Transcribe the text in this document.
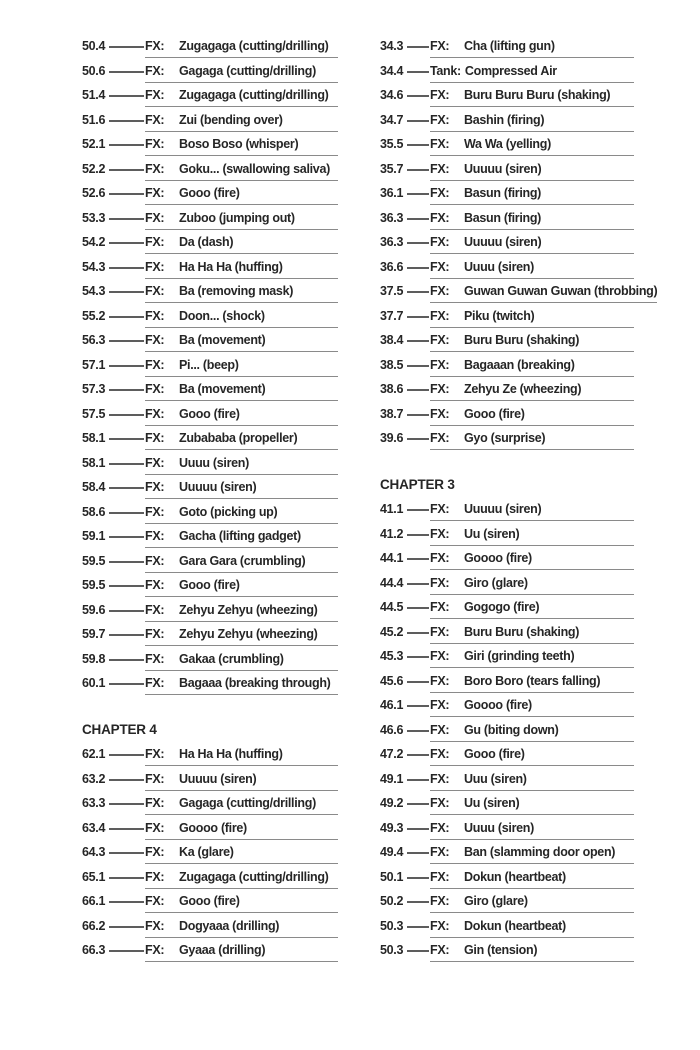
50.4	FX:	Zugagaga (cutting/drilling)
50.6	FX:	Gagaga (cutting/drilling)
51.4	FX:	Zugagaga (cutting/drilling)
51.6	FX:	Zui (bending over)
52.1	FX:	Boso Boso (whisper)
52.2	FX:	Goku... (swallowing saliva)
52.6	FX:	Gooo (fire)
53.3	FX:	Zuboo (jumping out)
54.2	FX:	Da (dash)
54.3	FX:	Ha Ha Ha (huffing)
54.3	FX:	Ba (removing mask)
55.2	FX:	Doon... (shock)
56.3	FX:	Ba (movement)
57.1	FX:	Pi... (beep)
57.3	FX:	Ba (movement)
57.5	FX:	Gooo (fire)
58.1	FX:	Zubababa (propeller)
58.1	FX:	Uuuu (siren)
58.4	FX:	Uuuuu (siren)
58.6	FX:	Goto (picking up)
59.1	FX:	Gacha (lifting gadget)
59.5	FX:	Gara Gara (crumbling)
59.5	FX:	Gooo (fire)
59.6	FX:	Zehyu Zehyu (wheezing)
59.7	FX:	Zehyu Zehyu (wheezing)
59.8	FX:	Gakaa (crumbling)
60.1	FX:	Bagaaa (breaking through)
CHAPTER 4
62.1	FX:	Ha Ha Ha (huffing)
63.2	FX:	Uuuuu (siren)
63.3	FX:	Gagaga (cutting/drilling)
63.4	FX:	Goooo (fire)
64.3	FX:	Ka (glare)
65.1	FX:	Zugagaga (cutting/drilling)
66.1	FX:	Gooo (fire)
66.2	FX:	Dogyaaa (drilling)
66.3	FX:	Gyaaa (drilling)
34.3 FX:	Cha (lifting gun)
34.4 Tank: Compressed Air
34.6 FX:	Buru Buru Buru (shaking)
34.7 FX:	Bashin (firing)
35.5 FX:	Wa Wa (yelling)
35.7 FX:	Uuuuu (siren)
36.1 FX:	Basun (firing)
36.3 FX:	Basun (firing)
36.3 FX:	Uuuuu (siren)
36.6 FX:	Uuuu (siren)
37.5 FX:	Guwan Guwan Guwan (throbbing)
37.7 FX:	Piku (twitch)
38.4 FX:	Buru Buru (shaking)
38.5 FX:	Bagaaan (breaking)
38.6 FX:	Zehyu Ze (wheezing)
38.7 FX:	Gooo (fire)
39.6 FX:	Gyo (surprise)
CHAPTER 3
41.1 FX:	Uuuuu (siren)
41.2 FX:	Uu (siren)
44.1 FX:	Goooo (fire)
44.4 FX:	Giro (glare)
44.5 FX:	Gogogo (fire)
45.2 FX:	Buru Buru (shaking)
45.3 FX:	Giri (grinding teeth)
45.6 FX:	Boro Boro (tears falling)
46.1 FX:	Goooo (fire)
46.6 FX:	Gu (biting down)
47.2 FX:	Gooo (fire)
49.1 FX:	Uuu (siren)
49.2 FX:	Uu (siren)
49.3 FX:	Uuuu (siren)
49.4 FX:	Ban (slamming door open)
50.1 FX:	Dokun (heartbeat)
50.2 FX:	Giro (glare)
50.3 FX:	Dokun (heartbeat)
50.3 FX:	Gin (tension)
